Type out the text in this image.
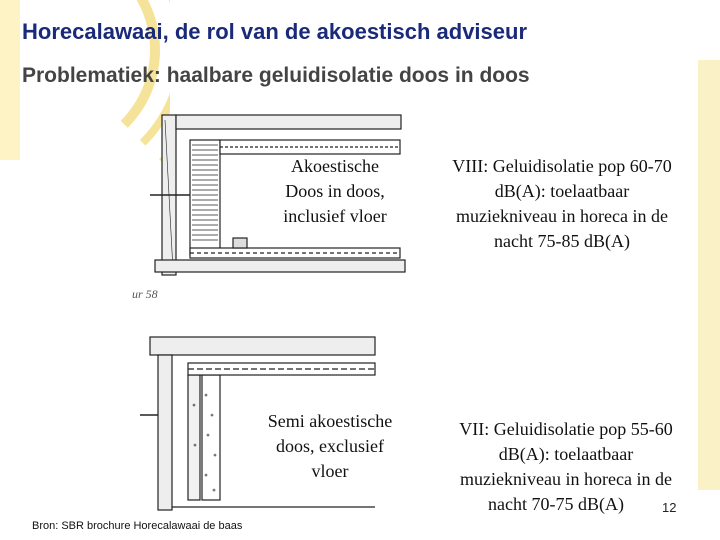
Horecalawaai, de rol van de akoestisch adviseur
Problematiek: haalbare geluidisolatie doos in doos
ur 58
Akoestische
Doos in doos,
inclusief vloer
VIII: Geluidisolatie pop 60-70
dB(A): toelaatbaar
muziekniveau in horeca in de
nacht 75-85 dB(A)
Semi akoestische
doos, exclusief
vloer
VII: Geluidisolatie pop 55-60
dB(A): toelaatbaar
muziekniveau in horeca in de
nacht 70-75 dB(A)	12
Bron: SBR brochure Horecalawaai de baas
